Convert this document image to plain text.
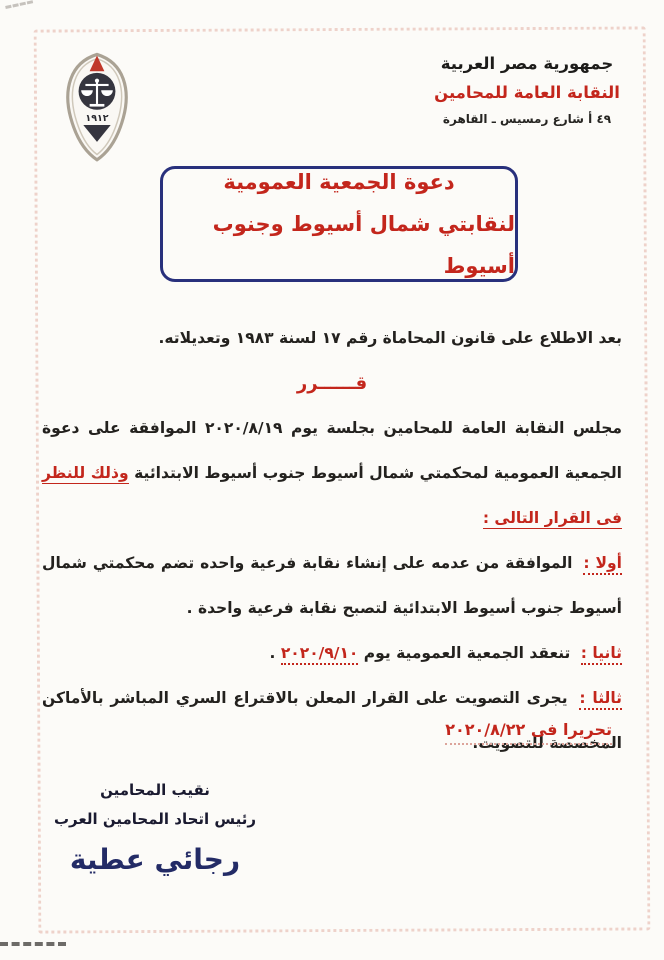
١٩١٢
جمهورية مصر العربية
النقابة العامة للمحامين
٤٩ أ شارع رمسيس ـ القاهرة
دعوة الجمعية العمومية
لنقابتي شمال أسيوط وجنوب أسيوط

بعد الاطلاع على قانون المحاماة رقم ١٧ لسنة ١٩٨٣ وتعديلاته.

قــــــرر

مجلس النقابة العامة للمحامين بجلسة يوم ٢٠٢٠/٨/١٩ الموافقة على دعوة الجمعية العمومية لمحكمتي شمال أسيوط جنوب أسيوط الابتدائية وذلك للنظر فى القرار التالى :

أولا : الموافقة من عدمه على إنشاء نقابة فرعية واحده تضم محكمتي شمال أسيوط جنوب أسيوط الابتدائية لتصبح نقابة فرعية واحدة .

ثانيا : تنعقد الجمعية العمومية يوم ٢٠٢٠/٩/١٠ .

ثالثا : يجرى التصويت على القرار المعلن بالاقتراع السري المباشر بالأماكن المخصصة للتصويت.

تحريرا فى ٢٠٢٠/٨/٢٢
نقيب المحامين
رئيس اتحاد المحامين العرب
رجائي عطية
